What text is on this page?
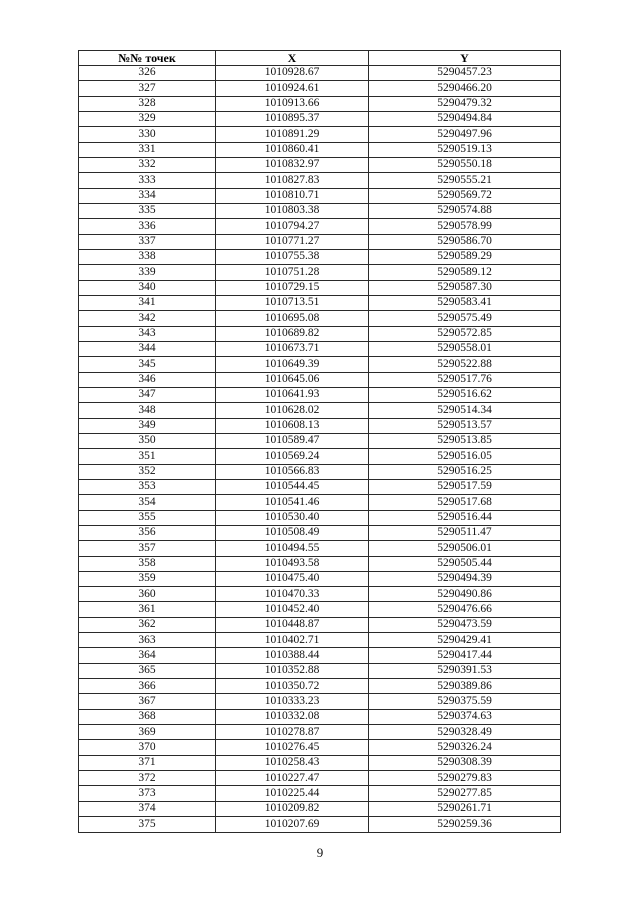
№№ точек	X	Y
326	1010928.67	5290457.23
327	1010924.61	5290466.20
328	1010913.66	5290479.32
329	1010895.37	5290494.84
330	1010891.29	5290497.96
331	1010860.41	5290519.13
332	1010832.97	5290550.18
333	1010827.83	5290555.21
334	1010810.71	5290569.72
335	1010803.38	5290574.88
336	1010794.27	5290578.99
337	1010771.27	5290586.70
338	1010755.38	5290589.29
339	1010751.28	5290589.12
340	1010729.15	5290587.30
341	1010713.51	5290583.41
342	1010695.08	5290575.49
343	1010689.82	5290572.85
344	1010673.71	5290558.01
345	1010649.39	5290522.88
346	1010645.06	5290517.76
347	1010641.93	5290516.62
348	1010628.02	5290514.34
349	1010608.13	5290513.57
350	1010589.47	5290513.85
351	1010569.24	5290516.05
352	1010566.83	5290516.25
353	1010544.45	5290517.59
354	1010541.46	5290517.68
355	1010530.40	5290516.44
356	1010508.49	5290511.47
357	1010494.55	5290506.01
358	1010493.58	5290505.44
359	1010475.40	5290494.39
360	1010470.33	5290490.86
361	1010452.40	5290476.66
362	1010448.87	5290473.59
363	1010402.71	5290429.41
364	1010388.44	5290417.44
365	1010352.88	5290391.53
366	1010350.72	5290389.86
367	1010333.23	5290375.59
368	1010332.08	5290374.63
369	1010278.87	5290328.49
370	1010276.45	5290326.24
371	1010258.43	5290308.39
372	1010227.47	5290279.83
373	1010225.44	5290277.85
374	1010209.82	5290261.71
375	1010207.69	5290259.36
9
